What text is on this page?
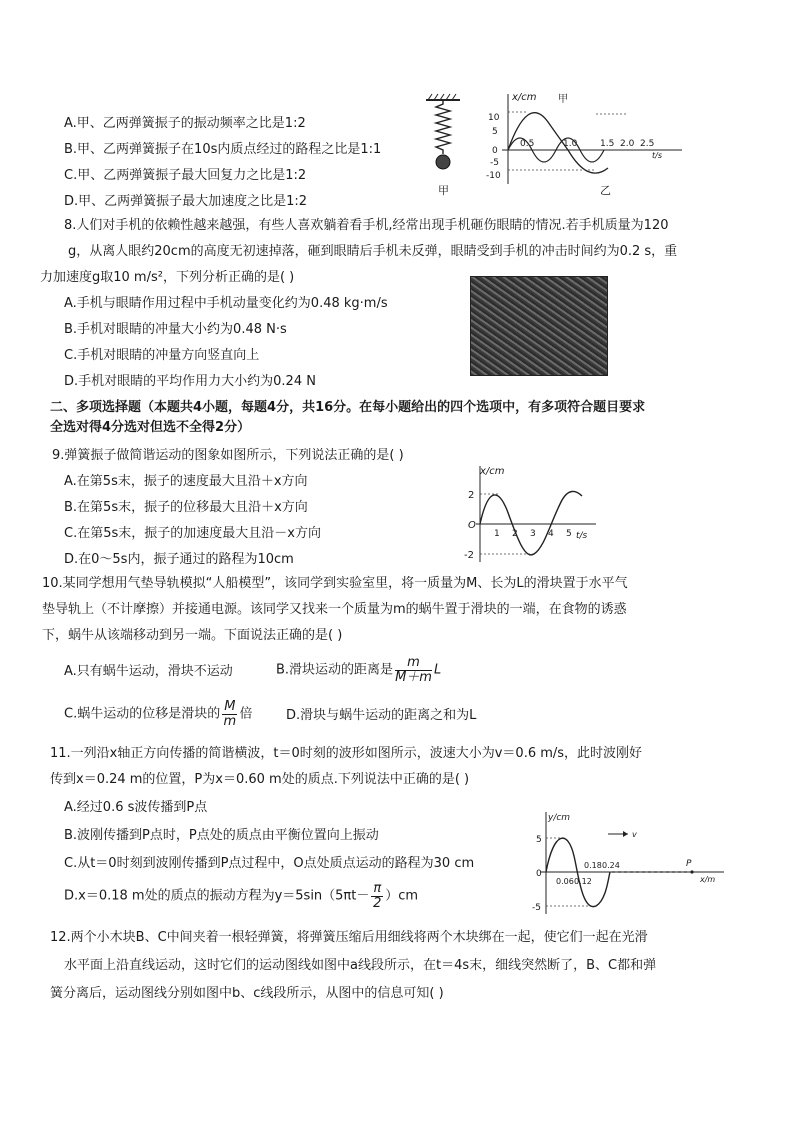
A.甲、乙两弹簧振子的振动频率之比是1:2
B.甲、乙两弹簧振子在10s内质点经过的路程之比是1:1
C.甲、乙两弹簧振子最大回复力之比是1:2
D.甲、乙两弹簧振子最大加速度之比是1:2
甲
x/cm
t/s
10
5
0
-5
-10
0.5	1.0	1.5 2.0 2.5
甲
乙
8.人们对手机的依赖性越来越强，有些人喜欢躺着看手机,经常出现手机砸伤眼睛的情况.若手机质量为120
g，从离人眼约20cm的高度无初速掉落，砸到眼睛后手机未反弹，眼睛受到手机的冲击时间约为0.2 s，重
力加速度g取10 m/s²，下列分析正确的是( )
A.手机与眼睛作用过程中手机动量变化约为0.48 kg·m/s
B.手机对眼睛的冲量大小约为0.48 N·s
C.手机对眼睛的冲量方向竖直向上
D.手机对眼睛的平均作用力大小约为0.24 N
二、多项选择题（本题共4小题，每题4分，共16分。在每小题给出的四个选项中，有多项符合题目要求
全选对得4分选对但选不全得2分）
9.弹簧振子做简谐运动的图象如图所示，下列说法正确的是( )
A.在第5s末，振子的速度最大且沿＋x方向
B.在第5s末，振子的位移最大且沿＋x方向
C.在第5s末，振子的加速度最大且沿－x方向
D.在0～5s内，振子通过的路程为10cm
x/cm
t/s
2
O
-2
1 2 3 4 5
10.某同学想用气垫导轨模拟“人船模型”，该同学到实验室里，将一质量为M、长为L的滑块置于水平气
垫导轨上（不计摩擦）并接通电源。该同学又找来一个质量为m的蜗牛置于滑块的一端，在食物的诱惑
下，蜗牛从该端移动到另一端。下面说法正确的是( )
A.只有蜗牛运动，滑块不运动	B.滑块运动的距离是 $\frac{m}{M+m}$ L
C.蜗牛运动的位移是滑块的 $\frac{M}{m}$ 倍	D.滑块与蜗牛运动的距离之和为L
11.一列沿x轴正方向传播的简谐横波，t＝0时刻的波形如图所示，波速大小为v＝0.6 m/s，此时波刚好
传到x＝0.24 m的位置，P为x＝0.60 m处的质点.下列说法中正确的是( )
A.经过0.6 s波传播到P点
B.波刚传播到P点时，P点处的质点由平衡位置向上振动
C.从t＝0时刻到波刚传播到P点过程中，O点处质点运动的路程为30 cm
D.x＝0.18 m处的质点的振动方程为$y=5\sin(5\pi t- \frac{\pi}{2} )cm$
y/cm
x/m
5
0
-5
0.06 0.12
0.18 0.24	P
v
12.两个小木块B、C中间夹着一根轻弹簧，将弹簧压缩后用细线将两个木块绑在一起，使它们一起在光滑
水平面上沿直线运动，这时它们的运动图线如图中a线段所示，在t＝4s末，细线突然断了，B、C都和弹
簧分离后，运动图线分别如图中b、c线段所示，从图中的信息可知( )
